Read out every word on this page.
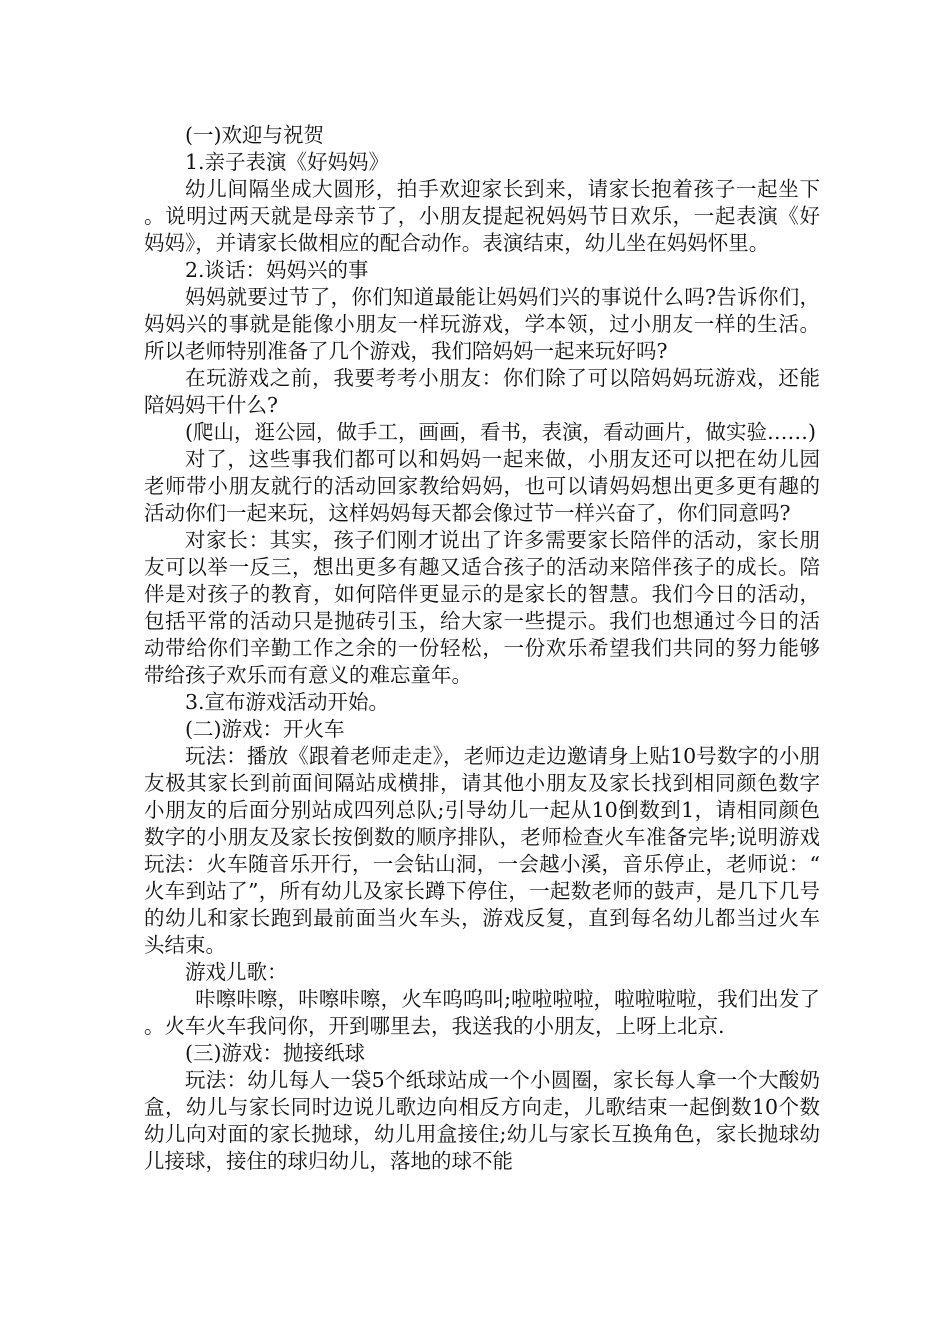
(一)欢迎与祝贺

1.亲子表演《好妈妈》

幼儿间隔坐成大圆形，拍手欢迎家长到来，请家长抱着孩子一起坐下。说明过两天就是母亲节了，小朋友提起祝妈妈节日欢乐，一起表演《好妈妈》，并请家长做相应的配合动作。表演结束，幼儿坐在妈妈怀里。

2.谈话：妈妈兴的事

妈妈就要过节了，你们知道最能让妈妈们兴的事说什么吗?告诉你们，妈妈兴的事就是能像小朋友一样玩游戏，学本领，过小朋友一样的生活。所以老师特别准备了几个游戏，我们陪妈妈一起来玩好吗?

在玩游戏之前，我要考考小朋友：你们除了可以陪妈妈玩游戏，还能陪妈妈干什么?

(爬山，逛公园，做手工，画画，看书，表演，看动画片，做实验……)

对了，这些事我们都可以和妈妈一起来做，小朋友还可以把在幼儿园老师带小朋友就行的活动回家教给妈妈，也可以请妈妈想出更多更有趣的活动你们一起来玩，这样妈妈每天都会像过节一样兴奋了，你们同意吗?

对家长：其实，孩子们刚才说出了许多需要家长陪伴的活动，家长朋友可以举一反三，想出更多有趣又适合孩子的活动来陪伴孩子的成长。陪伴是对孩子的教育，如何陪伴更显示的是家长的智慧。我们今日的活动，包括平常的活动只是抛砖引玉，给大家一些提示。我们也想通过今日的活动带给你们辛勤工作之余的一份轻松，一份欢乐希望我们共同的努力能够带给孩子欢乐而有意义的难忘童年。

3.宣布游戏活动开始。

(二)游戏：开火车

玩法：播放《跟着老师走走》，老师边走边邀请身上贴10号数字的小朋友极其家长到前面间隔站成横排，请其他小朋友及家长找到相同颜色数字小朋友的后面分别站成四列总队;引导幼儿一起从10倒数到1，请相同颜色数字的小朋友及家长按倒数的顺序排队，老师检查火车准备完毕;说明游戏玩法：火车随音乐开行，一会钻山洞，一会越小溪，音乐停止，老师说：“火车到站了”，所有幼儿及家长蹲下停住，一起数老师的鼓声，是几下几号的幼儿和家长跑到最前面当火车头，游戏反复，直到每名幼儿都当过火车头结束。

游戏儿歌：

咔嚓咔嚓，咔嚓咔嚓，火车呜呜叫;啦啦啦啦，啦啦啦啦，我们出发了。火车火车我问你，开到哪里去，我送我的小朋友，上呀上北京.

(三)游戏：抛接纸球

玩法：幼儿每人一袋5个纸球站成一个小圆圈，家长每人拿一个大酸奶盒，幼儿与家长同时边说儿歌边向相反方向走，儿歌结束一起倒数10个数幼儿向对面的家长抛球，幼儿用盒接住;幼儿与家长互换角色，家长抛球幼儿接球，接住的球归幼儿，落地的球不能
